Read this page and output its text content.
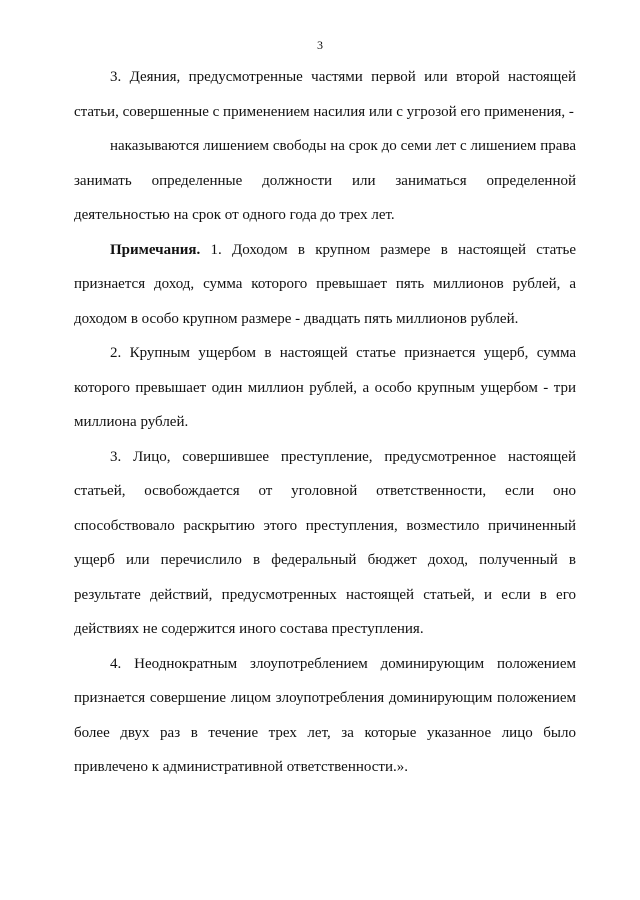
3

3. Деяния, предусмотренные частями первой или второй настоящей статьи, совершенные с применением насилия или с угрозой его применения, -

наказываются лишением свободы на срок до семи лет с лишением права занимать определенные должности или заниматься определенной деятельностью на срок от одного года до трех лет.

Примечания. 1. Доходом в крупном размере в настоящей статье признается доход, сумма которого превышает пять миллионов рублей, а доходом в особо крупном размере - двадцать пять миллионов рублей.

2. Крупным ущербом в настоящей статье признается ущерб, сумма которого превышает один миллион рублей, а особо крупным ущербом - три миллиона рублей.

3. Лицо, совершившее преступление, предусмотренное настоящей статьей, освобождается от уголовной ответственности, если оно способствовало раскрытию этого преступления, возместило причиненный ущерб или перечислило в федеральный бюджет доход, полученный в результате действий, предусмотренных настоящей статьей, и если в его действиях не содержится иного состава преступления.

4. Неоднократным злоупотреблением доминирующим положением признается совершение лицом злоупотребления доминирующим положением более двух раз в течение трех лет, за которые указанное лицо было привлечено к административной ответственности.».
